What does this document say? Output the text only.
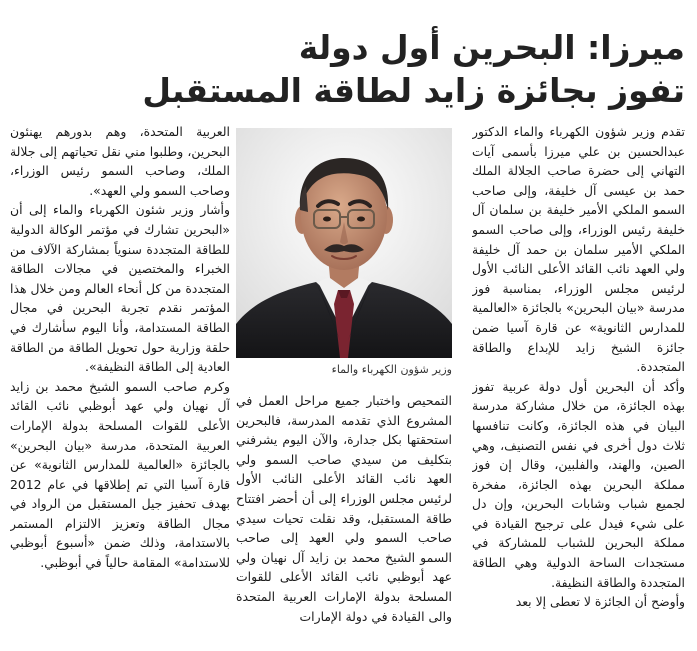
ميرزا: البحرين أول دولة
تفوز بجائزة زايد لطاقة المستقبل

تقدم وزير شؤون الكهرباء والماء الدكتور عبدالحسين بن علي ميرزا بأسمى آيات التهاني إلى حضرة صاحب الجلالة الملك حمد بن عيسى آل خليفة، وإلى صاحب السمو الملكي الأمير خليفة بن سلمان آل خليفة رئيس الوزراء، وإلى صاحب السمو الملكي الأمير سلمان بن حمد آل خليفة ولي العهد نائب القائد الأعلى النائب الأول لرئيس مجلس الوزراء، بمناسبة فوز مدرسة «بيان البحرين» بالجائزة «العالمية للمدارس الثانوية» عن قارة آسيا ضمن جائزة الشيخ زايد للإبداع والطاقة المتجددة.

وأكد أن البحرين أول دولة عربية تفوز بهذه الجائزة، من خلال مشاركة مدرسة البيان في هذه الجائزة، وكانت تنافسها ثلاث دول أخرى في نفس التصنيف، وهي الصين، والهند، والفلبين، وقال إن فوز مملكة البحرين بهذه الجائزة، مفخرة لجميع شباب وشابات البحرين، وإن دل على شيء فيدل على ترجيح القيادة في مملكة البحرين للشباب للمشاركة في مستجدات الساحة الدولية وهي الطاقة المتجددة والطاقة النظيفة.

وأوضح أن الجائزة لا تعطى إلا بعد

وزير شؤون الكهرباء والماء

التمحيص واختبار جميع مراحل العمل في المشروع الذي تقدمه المدرسة، فالبحرين استحقتها بكل جدارة، والآن اليوم يشرفني بتكليف من سيدي صاحب السمو ولي العهد نائب القائد الأعلى النائب الأول لرئيس مجلس الوزراء إلى أن أحضر افتتاح طاقة المستقبل، وقد نقلت تحيات سيدي صاحب السمو ولي العهد إلى صاحب السمو الشيخ محمد بن زايد آل نهيان ولي عهد أبوظبي نائب القائد الأعلى للقوات المسلحة بدولة الإمارات العربية المتحدة والى القيادة في دولة الإمارات

العربية المتحدة، وهم بدورهم يهنئون البحرين، وطلبوا مني نقل تحياتهم إلى جلالة الملك، وصاحب السمو رئيس الوزراء، وصاحب السمو ولي العهد».

وأشار وزير شئون الكهرباء والماء إلى أن «البحرين تشارك في مؤتمر الوكالة الدولية للطاقة المتجددة سنوياً بمشاركة الآلاف من الخبراء والمختصين في مجالات الطاقة المتجددة من كل أنحاء العالم ومن خلال هذا المؤتمر نقدم تجربة البحرين في مجال الطاقة المستدامة، وأنا اليوم سأشارك في حلقة وزارية حول تحويل الطاقة من الطاقة العادية إلى الطاقة النظيفة».

وكرم صاحب السمو الشيخ محمد بن زايد آل نهيان ولي عهد أبوظبي نائب القائد الأعلى للقوات المسلحة بدولة الإمارات العربية المتحدة، مدرسة «بيان البحرين» بالجائزة «العالمية للمدارس الثانوية» عن قارة آسيا التي تم إطلاقها في عام 2012 بهدف تحفيز جيل المستقبل من الرواد في مجال الطاقة وتعزيز الالتزام المستمر بالاستدامة، وذلك ضمن «أسبوع أبوظبي للاستدامة» المقامة حالياً في أبوظبي.
